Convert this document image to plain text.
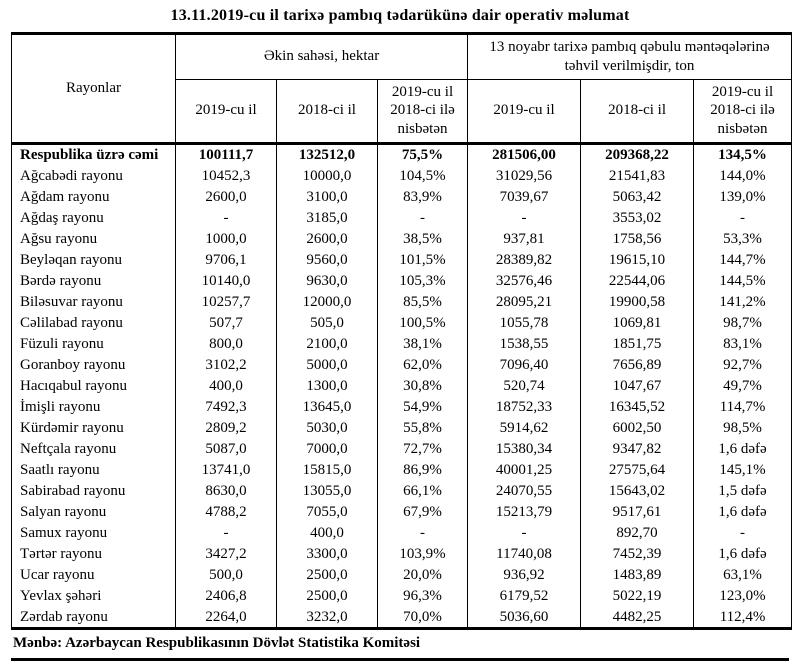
13.11.2019-cu il tarixə pambıq tədarükünə dair operativ məlumat
Rayonlar	Əkin sahəsi, hektar			13 noyabr tarixə pambıq qəbulu məntəqələrinə təhvil verilmişdir, ton		
	2019-cu il	2018-ci il	2019-cu il 2018-ci ilə nisbətən	2019-cu il	2018-ci il	2019-cu il 2018-ci ilə nisbətən
Respublika üzrə cəmi	100111,7	132512,0	75,5%	281506,00	209368,22	134,5%
Ağcabədi rayonu	10452,3	10000,0	104,5%	31029,56	21541,83	144,0%
Ağdam rayonu	2600,0	3100,0	83,9%	7039,67	5063,42	139,0%
Ağdaş rayonu	-	3185,0	-	-	3553,02	-
Ağsu rayonu	1000,0	2600,0	38,5%	937,81	1758,56	53,3%
Beyləqan rayonu	9706,1	9560,0	101,5%	28389,82	19615,10	144,7%
Bərdə rayonu	10140,0	9630,0	105,3%	32576,46	22544,06	144,5%
Biləsuvar rayonu	10257,7	12000,0	85,5%	28095,21	19900,58	141,2%
Cəlilabad rayonu	507,7	505,0	100,5%	1055,78	1069,81	98,7%
Füzuli rayonu	800,0	2100,0	38,1%	1538,55	1851,75	83,1%
Goranboy rayonu	3102,2	5000,0	62,0%	7096,40	7656,89	92,7%
Hacıqabul rayonu	400,0	1300,0	30,8%	520,74	1047,67	49,7%
İmişli rayonu	7492,3	13645,0	54,9%	18752,33	16345,52	114,7%
Kürdəmir rayonu	2809,2	5030,0	55,8%	5914,62	6002,50	98,5%
Neftçala rayonu	5087,0	7000,0	72,7%	15380,34	9347,82	1,6 dəfə
Saatlı rayonu	13741,0	15815,0	86,9%	40001,25	27575,64	145,1%
Sabirabad rayonu	8630,0	13055,0	66,1%	24070,55	15643,02	1,5 dəfə
Salyan rayonu	4788,2	7055,0	67,9%	15213,79	9517,61	1,6 dəfə
Samux rayonu	-	400,0	-	-	892,70	-
Tərtər rayonu	3427,2	3300,0	103,9%	11740,08	7452,39	1,6 dəfə
Ucar rayonu	500,0	2500,0	20,0%	936,92	1483,89	63,1%
Yevlax şəhəri	2406,8	2500,0	96,3%	6179,52	5022,19	123,0%
Zərdab rayonu	2264,0	3232,0	70,0%	5036,60	4482,25	112,4%
Mənbə: Azərbaycan Respublikasının Dövlət Statistika Komitəsi
